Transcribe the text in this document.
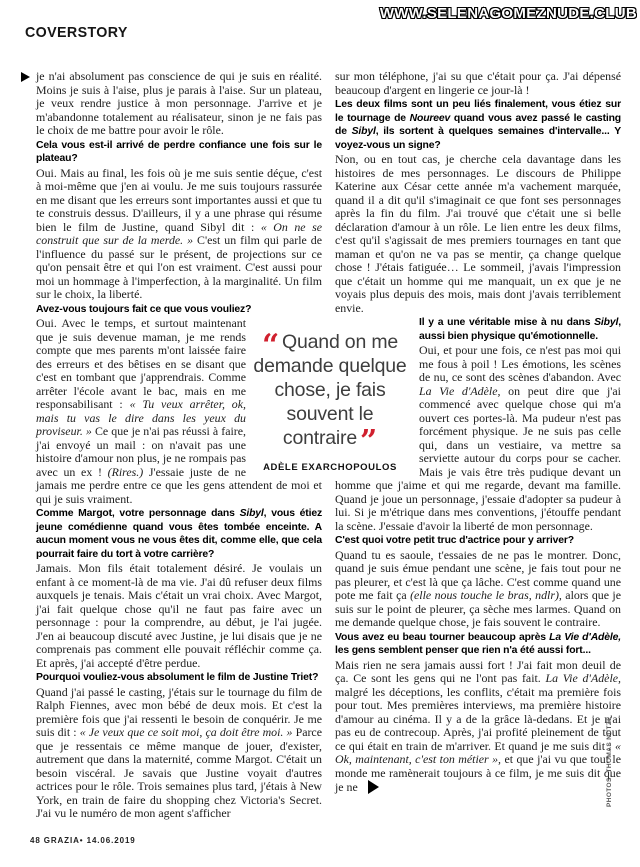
WWW.SELENAGOMEZNUDE.CLUB
COVERSTORY

je n'ai absolument pas conscience de qui je suis en réalité. Moins je suis à l'aise, plus je parais à l'aise. Sur un plateau, je veux rendre justice à mon personnage. J'arrive et je m'abandonne totalement au réalisateur, sinon je ne fais pas le choix de me battre pour avoir le rôle.

Cela vous est-il arrivé de perdre confiance une fois sur le plateau?

Oui. Mais au final, les fois où je me suis sentie déçue, c'est à moi-même que j'en ai voulu. Je me suis toujours rassurée en me disant que les erreurs sont importantes aussi et que tu te construis dessus. D'ailleurs, il y a une phrase qui résume bien le film de Justine, quand Sibyl dit : « On ne se construit que sur de la merde. » C'est un film qui parle de l'influence du passé sur le présent, de projections sur ce qu'on pensait être et qui l'on est vraiment. C'est aussi pour moi un hommage à l'imperfection, à la marginalité. Un film sur le choix, la liberté.

Avez-vous toujours fait ce que vous vouliez?

Oui. Avec le temps, et surtout maintenant que je suis devenue maman, je me rends compte que mes parents m'ont laissée faire des erreurs et des bêtises en se disant que c'est en tombant que j'apprendrais. Comme arrêter l'école avant le bac, mais en me responsabilisant : « Tu veux arrêter, ok, mais tu vas le dire dans les yeux du proviseur. » Ce que je n'ai pas réussi à faire, j'ai envoyé un mail : on n'avait pas une histoire d'amour non plus, je ne rompais pas avec un ex ! (Rires.) J'essaie juste de ne jamais me perdre entre ce que les gens attendent de moi et qui je suis vraiment.

Comme Margot, votre personnage dans Sibyl, vous étiez jeune comédienne quand vous êtes tombée enceinte. A aucun moment vous ne vous êtes dit, comme elle, que cela pourrait faire du tort à votre carrière?

Jamais. Mon fils était totalement désiré. Je voulais un enfant à ce moment-là de ma vie. J'ai dû refuser deux films auxquels je tenais. Mais c'était un vrai choix. Avec Margot, j'ai fait quelque chose qu'il ne faut pas faire avec un personnage : pour la comprendre, au début, je l'ai jugée. J'en ai beaucoup discuté avec Justine, je lui disais que je ne comprenais pas comment elle pouvait réfléchir comme ça. Et après, j'ai accepté d'être perdue.

Pourquoi vouliez-vous absolument le film de Justine Triet?

Quand j'ai passé le casting, j'étais sur le tournage du film de Ralph Fiennes, avec mon bébé de deux mois. Et c'est la première fois que j'ai ressenti le besoin de conquérir. Je me suis dit : « Je veux que ce soit moi, ça doit être moi. » Parce que je ressentais ce même manque de jouer, d'exister, autrement que dans la maternité, comme Margot. C'était un besoin viscéral. Je savais que Justine voyait d'autres actrices pour le rôle. Trois semaines plus tard, j'étais à New York, en train de faire du shopping chez Victoria's Secret. J'ai vu le numéro de mon agent s'afficher

sur mon téléphone, j'ai su que c'était pour ça. J'ai dépensé beaucoup d'argent en lingerie ce jour-là !

Les deux films sont un peu liés finalement, vous étiez sur le tournage de Noureev quand vous avez passé le casting de Sibyl, ils sortent à quelques semaines d'intervalle... Y voyez-vous un signe?

Non, ou en tout cas, je cherche cela davantage dans les histoires de mes personnages. Le discours de Philippe Katerine aux César cette année m'a vachement marquée, quand il a dit qu'il s'imaginait ce que font ses personnages après la fin du film. J'ai trouvé que c'était une si belle déclaration d'amour à un rôle. Le lien entre les deux films, c'est qu'il s'agissait de mes premiers tournages en tant que maman et qu'on ne va pas se mentir, ça change quelque chose ! J'étais fatiguée… Le sommeil, j'avais l'impression que c'était un homme qui me manquait, un ex que je ne voyais plus depuis des mois, mais dont j'avais terriblement envie.

Il y a une véritable mise à nu dans Sibyl, aussi bien physique qu'émotionnelle.

Oui, et pour une fois, ce n'est pas moi qui me fous à poil ! Les émotions, les scènes de nu, ce sont des scènes d'abandon. Avec La Vie d'Adèle, on peut dire que j'ai commencé avec quelque chose qui m'a ouvert ces portes-là. Ma pudeur n'est pas forcément physique. Je ne suis pas celle qui, dans un vestiaire, va mettre sa serviette autour du corps pour se cacher. Mais je vais être très pudique devant un homme que j'aime et qui me regarde, devant ma famille. Quand je joue un personnage, j'essaie d'adopter sa pudeur à lui. Si je m'étrique dans mes conventions, j'étouffe pendant la scène. J'essaie d'avoir la liberté de mon personnage.

C'est quoi votre petit truc d'actrice pour y arriver?

Quand tu es saoule, t'essaies de ne pas le montrer. Donc, quand je suis émue pendant une scène, je fais tout pour ne pas pleurer, et c'est là que ça lâche. C'est comme quand une pote me fait ça (elle nous touche le bras, ndlr), alors que je suis sur le point de pleurer, ça sèche mes larmes. Quand on me demande quelque chose, je fais souvent le contraire.

Vous avez eu beau tourner beaucoup après La Vie d'Adèle, les gens semblent penser que rien n'a été aussi fort...

Mais rien ne sera jamais aussi fort ! J'ai fait mon deuil de ça. Ce sont les gens qui ne l'ont pas fait. La Vie d'Adèle, malgré les déceptions, les conflits, c'était ma première fois pour tout. Mes premières interviews, ma première histoire d'amour au cinéma. Il y a de la grâce là-dedans. Et je n'ai pas eu de contrecoup. Après, j'ai profité pleinement de tout ce qui était en train de m'arriver. Et quand je me suis dit : « Ok, maintenant, c'est ton métier », et que j'ai vu que tout le monde me ramènerait toujours à ce film, je me suis dit que je ne

“ Quand on me demande quelque chose, je fais souvent le contraire ”
ADÈLE EXARCHOPOULOS
48 GRAZIA• 14.06.2019
PHOTOS: THOMAS NUTZL
